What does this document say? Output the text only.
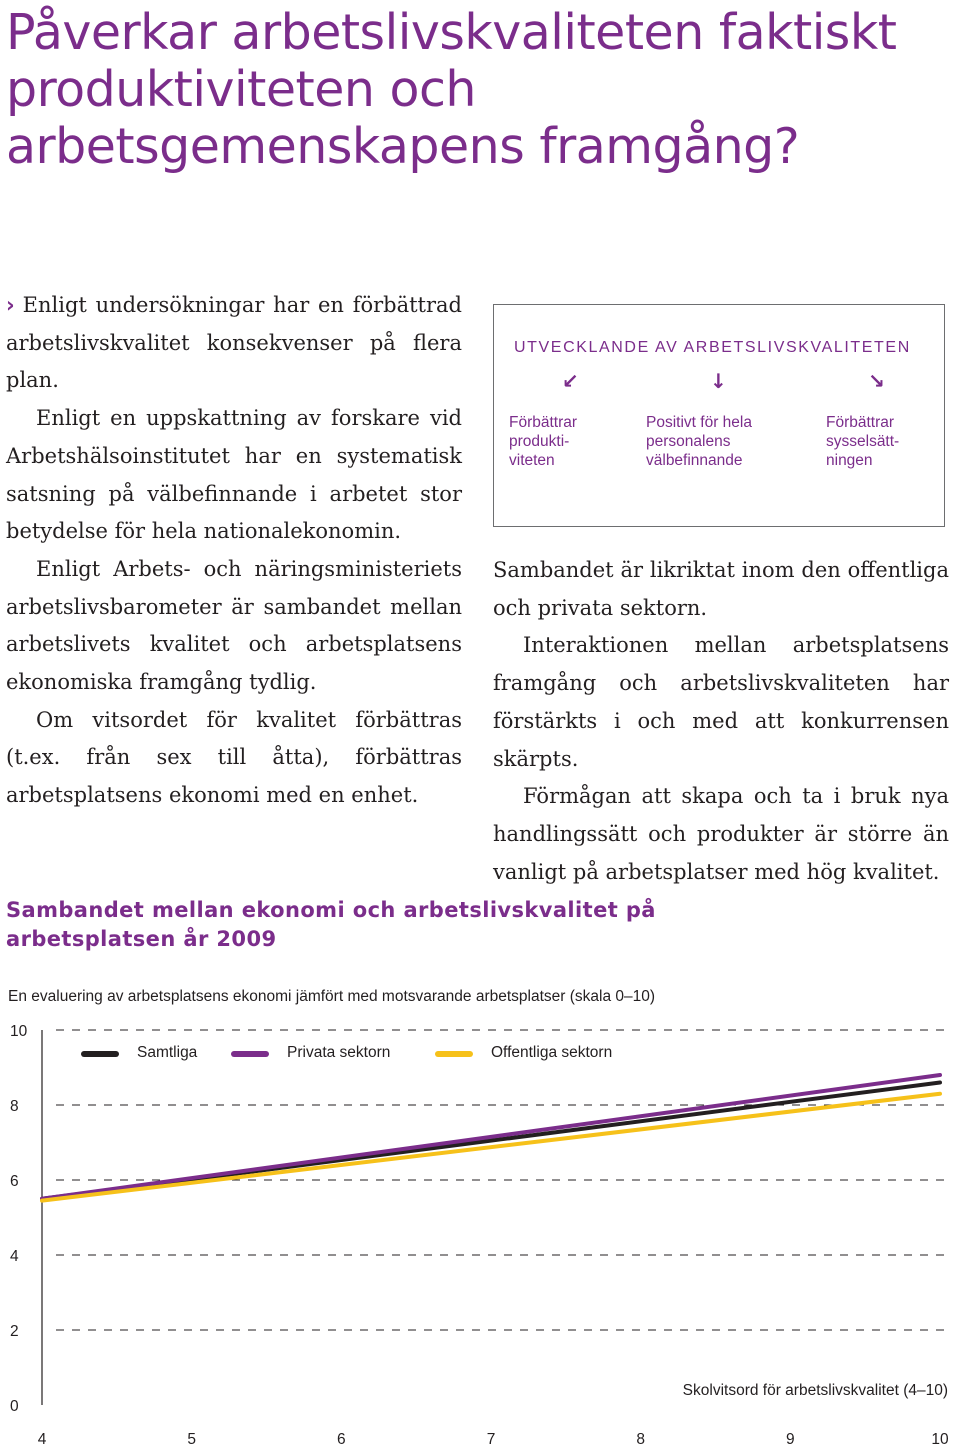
Påverkar arbetslivskvaliteten faktiskt produktiviteten och arbetsgemenskapens framgång?

› Enligt undersökningar har en förbättrad arbetslivskvalitet konsekvenser på flera plan.

Enligt en uppskattning av forskare vid Arbetshälsoinstitutet har en systematisk satsning på välbefinnande i arbetet stor betydelse för hela nationalekonomin.

Enligt Arbets- och näringsministeriets arbetslivsbarometer är sambandet mellan arbetslivets kvalitet och arbetsplatsens ekonomiska framgång tydlig.

Om vitsordet för kvalitet förbättras (t.ex. från sex till åtta), förbättras arbetsplatsens ekonomi med en enhet.

UTVECKLANDE AV ARBETSLIVSKVALITETEN
↙	↓	↘
Förbättrar
produkti-
viteten
Positivt för hela
personalens
välbefinnande
Förbättrar
sysselsätt-
ningen

Sambandet är likriktat inom den offentliga och privata sektorn.

Interaktionen mellan arbetsplatsens framgång och arbetslivskvaliteten har förstärkts i och med att konkurrensen skärpts.

Förmågan att skapa och ta i bruk nya handlingssätt och produkter är större än vanligt på arbetsplatser med hög kvalitet.

Sambandet mellan ekonomi och arbetslivskvalitet på arbetsplatsen år 2009
En evaluering av arbetsplatsens ekonomi jämfört med motsvarande arbetsplatser (skala 0–10)
0
2
4
6
8
10
4	5	6	7	8	9	10
Samtliga	Privata sektorn	Offentliga sektorn
Skolvitsord för arbetslivskvalitet (4–10)
